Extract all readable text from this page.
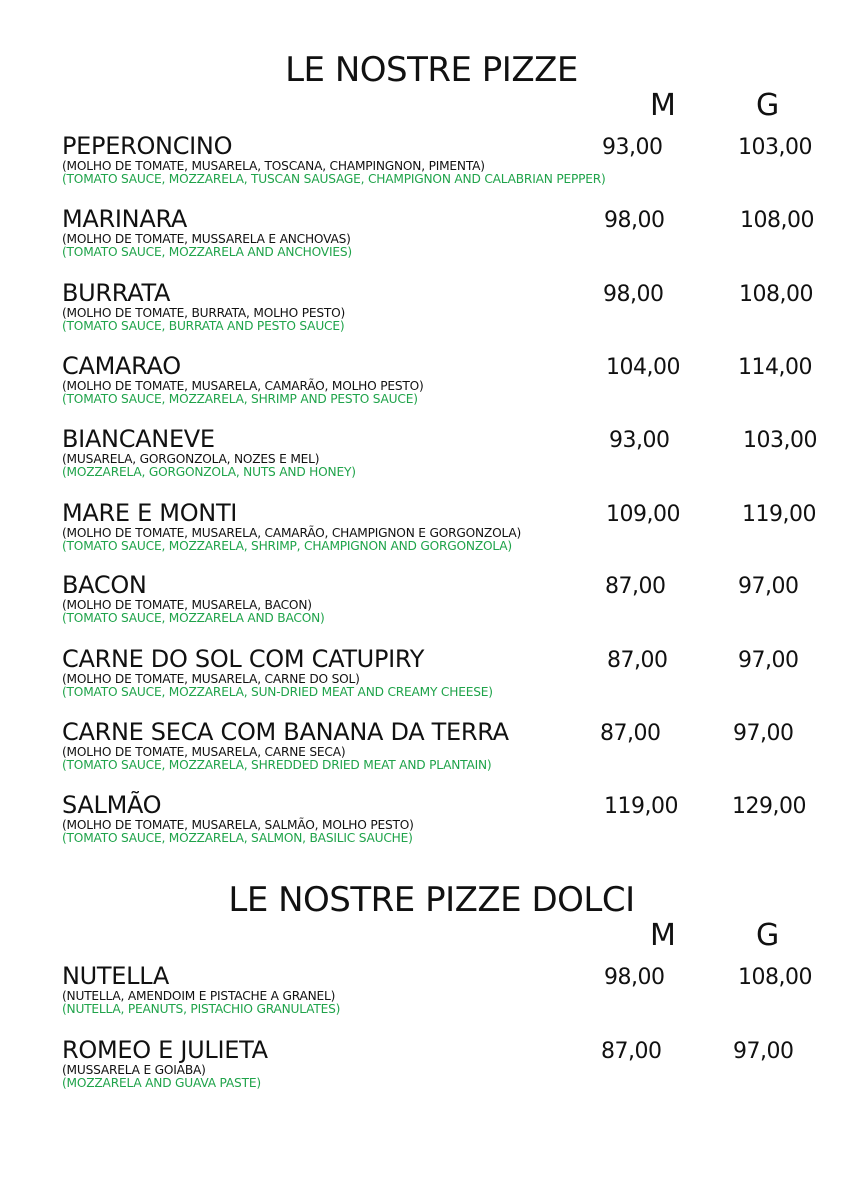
LE NOSTRE PIZZE
M	G
PEPERONCINO
(MOLHO DE TOMATE, MUSARELA, TOSCANA, CHAMPINGNON, PIMENTA)
(TOMATO SAUCE, MOZZARELA, TUSCAN SAUSAGE, CHAMPIGNON AND CALABRIAN PEPPER)
93,00	103,00
MARINARA
(MOLHO DE TOMATE, MUSSARELA E ANCHOVAS)
(TOMATO SAUCE, MOZZARELA AND ANCHOVIES)
98,00	108,00
BURRATA
(MOLHO DE TOMATE, BURRATA, MOLHO PESTO)
(TOMATO SAUCE, BURRATA AND PESTO SAUCE)
98,00	108,00
CAMARAO
(MOLHO DE TOMATE, MUSARELA, CAMARÃO, MOLHO PESTO)
(TOMATO SAUCE, MOZZARELA, SHRIMP AND PESTO SAUCE)
104,00	114,00
BIANCANEVE
(MUSARELA, GORGONZOLA, NOZES E MEL)
(MOZZARELA, GORGONZOLA, NUTS AND HONEY)
93,00	103,00
MARE E MONTI
(MOLHO DE TOMATE, MUSARELA, CAMARÃO, CHAMPIGNON E GORGONZOLA)
(TOMATO SAUCE, MOZZARELA, SHRIMP, CHAMPIGNON AND GORGONZOLA)
109,00	119,00
BACON
(MOLHO DE TOMATE, MUSARELA, BACON)
(TOMATO SAUCE, MOZZARELA AND BACON)
87,00	97,00
CARNE DO SOL COM CATUPIRY
(MOLHO DE TOMATE, MUSARELA, CARNE DO SOL)
(TOMATO SAUCE, MOZZARELA, SUN-DRIED MEAT AND CREAMY CHEESE)
87,00	97,00
CARNE SECA COM BANANA DA TERRA
(MOLHO DE TOMATE, MUSARELA, CARNE SECA)
(TOMATO SAUCE, MOZZARELA, SHREDDED DRIED MEAT AND PLANTAIN)
87,00	97,00
SALMÃO
(MOLHO DE TOMATE, MUSARELA, SALMÃO, MOLHO PESTO)
(TOMATO SAUCE, MOZZARELA, SALMON, BASILIC SAUCHE)
119,00 129,00
LE NOSTRE PIZZE DOLCI
M	G
NUTELLA
(NUTELLA, AMENDOIM E PISTACHE A GRANEL)
(NUTELLA, PEANUTS, PISTACHIO GRANULATES)
98,00	108,00
ROMEO E JULIETA
(MUSSARELA E GOIABA)
(MOZZARELA AND GUAVA PASTE)
87,00	97,00
